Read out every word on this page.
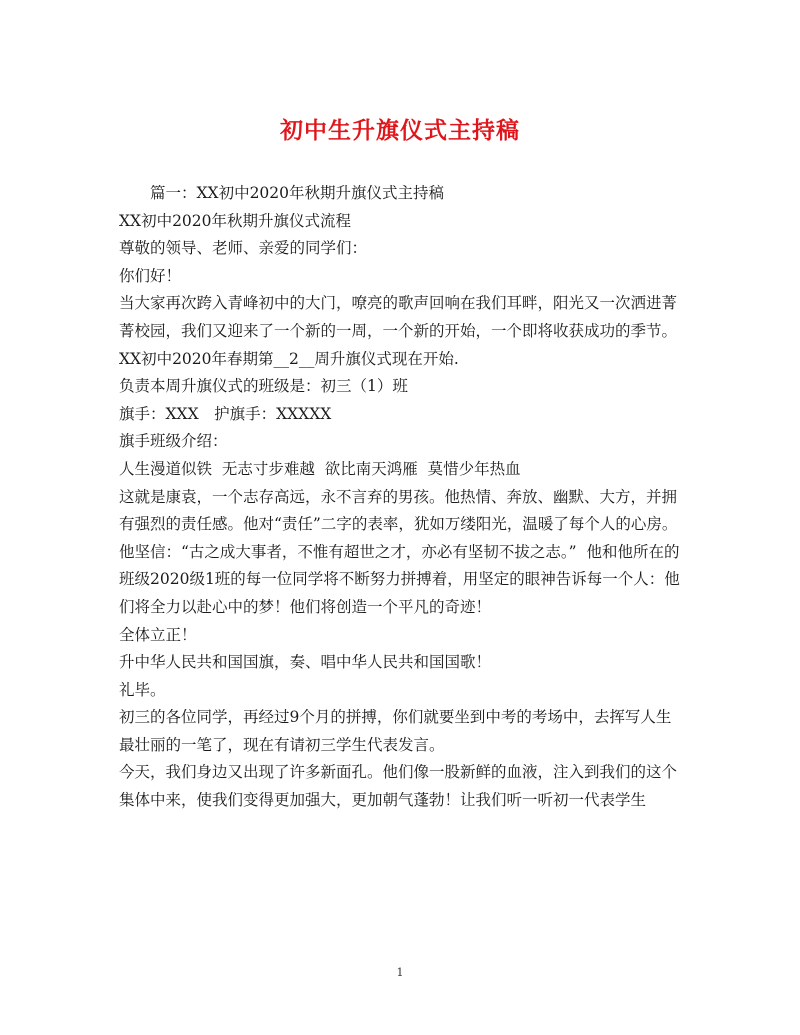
初中生升旗仪式主持稿

篇一：XX初中2020年秋期升旗仪式主持稿

XX初中2020年秋期升旗仪式流程

尊敬的领导、老师、亲爱的同学们：

你们好！

当大家再次跨入青峰初中的大门，嘹亮的歌声回响在我们耳畔，阳光又一次洒进菁菁校园，我们又迎来了一个新的一周，一个新的开始，一个即将收获成功的季节。XX初中2020年春期第__2__周升旗仪式现在开始.

负责本周升旗仪式的班级是：初三（1）班

旗手：XXX　护旗手：XXXXX

旗手班级介绍：

人生漫道似铁  无志寸步难越  欲比南天鸿雁  莫惜少年热血

这就是康袁，一个志存高远，永不言弃的男孩。他热情、奔放、幽默、大方，并拥有强烈的责任感。他对“责任”二字的表率，犹如万缕阳光，温暖了每个人的心房。

他坚信：“古之成大事者，不惟有超世之才，亦必有坚韧不拔之志。”  他和他所在的班级2020级1班的每一位同学将不断努力拼搏着，用坚定的眼神告诉每一个人：他们将全力以赴心中的梦！他们将创造一个平凡的奇迹！

全体立正！

升中华人民共和国国旗，奏、唱中华人民共和国国歌！

礼毕。

初三的各位同学，再经过9个月的拼搏，你们就要坐到中考的考场中，去挥写人生最壮丽的一笔了，现在有请初三学生代表发言。

今天，我们身边又出现了许多新面孔。他们像一股新鲜的血液，注入到我们的这个集体中来，使我们变得更加强大，更加朝气蓬勃！让我们听一听初一代表学生

1
